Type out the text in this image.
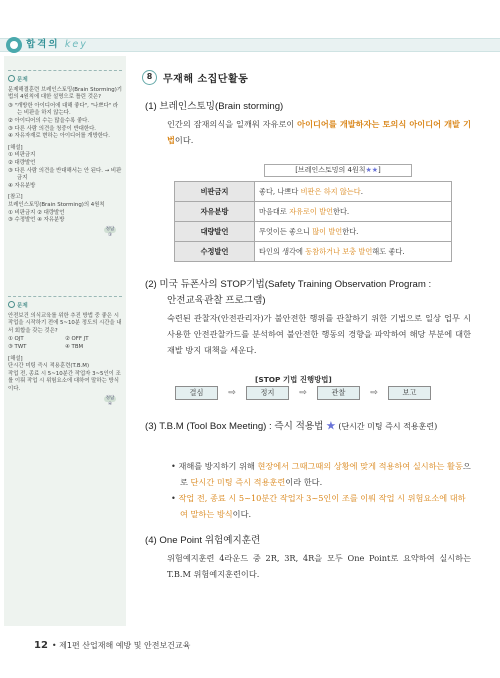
합격의 key
문제
문제해결훈련 브레인스토밍(Brain Storming)기법의 4원칙에 대한 설명으로 틀린 것은?
③ "개방한 아이디어에 대해 좋다", "나쁘다" 라는 비판을 하지 않는다.
② 아이디어의 수는 많을수록 좋다.
③ 다른 사람 의견을 청중이 반대한다.
④ 자유자재로 변하는 아이디어를 개방한다.
[해설]
① 비판금지
② 대량발언
③ 다른 사람 의견을 반대해서는 안 된다. → 비판금지
④ 자유분방
[참고]
브레인스토밍(Brain Storming)의 4원칙
① 비판금지 ② 대량발언
③ 수정발언 ④ 자유분방
정답 ③
문제
안전보건 의식교육를 위한 추진 방법 중 좋은 시 작업을 시작하기 전에 5~10분 정도의 시간을 내서 회합을 갖는 것은?
① OJT	② OFF JT
③ TWT	④ TBM
[해설]
단시간 미팅 즉시 적용훈련(T.B.M)
작업 전, 종료 시 5~10분간 작업자 3~5인이 조를 이뤄 작업 시 위험요소에 대하여 말하는 방식이다.
정답 ④
8	무재해 소집단활동
(1) 브레인스토밍(Brain storming)
인간의 잠재의식을 일깨워 자유로이 아이디어를 개발하자는 토의식 아이디어 개발 기법이다.
[브레인스토밍의 4원칙★★]
비판금지	좋다, 나쁘다 비판은 하지 않는다.
자유분방	마음대로 자유로이 발언한다.
대량발언	무엇이든 좋으니 많이 발언한다.
수정발언	타인의 생각에 동참하거나 보충 발언해도 좋다.
(2) 미국 듀폰사의 STOP기법(Safety Training Observation Program :
안전교육관찰 프로그램)
숙련된 관찰자(안전관리자)가 불안전한 행위를 관찰하기 위한 기법으로 일상 업무 시 사용한 안전관찰카드를 분석하여 불안전한 행동의 경향을 파악하여 해당 부분에 대한 재발 방지 대책을 세운다.
[STOP 기법 진행방법]
결심	⇨	정지	⇨	관찰	⇨	보고
(3) T.B.M (Tool Box Meeting) : 즉시 적용법 ★ (단시간 미팅 즉시 적용훈련)
• 재해를 방지하기 위해 현장에서 그때그때의 상황에 맞게 적용하여 실시하는 활동으로 단시간 미팅 즉시 적용훈련이라 한다.
• 작업 전, 종료 시 5~10분간 작업자 3~5인이 조를 이뤄 작업 시 위험요소에 대하여 말하는 방식이다.
(4) One Point 위험예지훈련
위험예지훈련 4라운드 중 2R, 3R, 4R을 모두 One Point로 요약하여 실시하는 T.B.M 위험예지훈련이다.
12 • 제1편 산업재해 예방 및 안전보건교육
